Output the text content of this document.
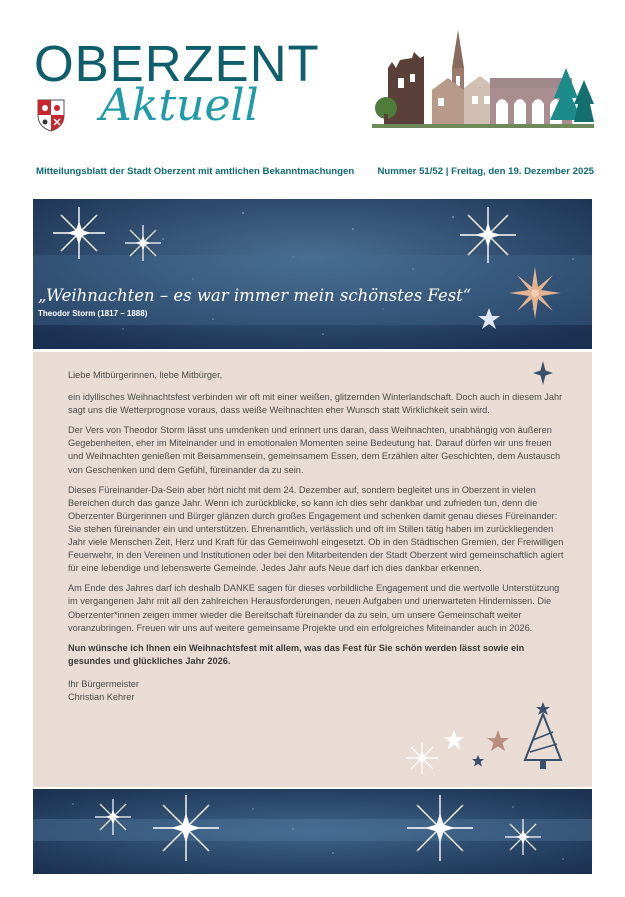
OBERZENT
Aktuell
Mitteilungsblatt der Stadt Oberzent mit amtlichen Bekanntmachungen Nummer 51/52 | Freitag, den 19. Dezember 2025
„Weihnachten – es war immer mein schönstes Fest“
Theodor Storm (1817 – 1888)

Liebe Mitbürgerinnen, liebe Mitbürger,

ein idyllisches Weihnachtsfest verbinden wir oft mit einer weißen, glitzernden Winterlandschaft. Doch auch in diesem Jahr sagt uns die Wetterprognose voraus, dass weiße Weihnachten eher Wunsch statt Wirklichkeit sein wird.

Der Vers von Theodor Storm lässt uns umdenken und erinnert uns daran, dass Weihnachten, unabhängig von äußeren Gegebenheiten, eher im Miteinander und in emotionalen Momenten seine Bedeutung hat. Darauf dürfen wir uns freuen und Weihnachten genießen mit Beisammensein, gemeinsamem Essen, dem Erzählen alter Geschichten, dem Austausch von Geschenken und dem Gefühl, füreinander da zu sein.

Dieses Füreinander-Da-Sein aber hört nicht mit dem 24. Dezember auf, sondern begleitet uns in Oberzent in vielen Bereichen durch das ganze Jahr. Wenn ich zurückblicke, so kann ich dies sehr dankbar und zufrieden tun, denn die Oberzenter Bürgerinnen und Bürger glänzen durch großes Engagement und schenken damit genau dieses Füreinander: Sie stehen füreinander ein und unterstützen. Ehrenamtlich, verlässlich und oft im Stillen tätig haben im zurückliegenden Jahr viele Menschen Zeit, Herz und Kraft für das Gemeinwohl eingesetzt. Ob in den Städtischen Gremien, der Freiwilligen Feuerwehr, in den Vereinen und Institutionen oder bei den Mitarbeitenden der Stadt Oberzent wird gemeinschaftlich agiert für eine lebendige und lebenswerte Gemeinde. Jedes Jahr aufs Neue darf ich dies dankbar erkennen.

Am Ende des Jahres darf ich deshalb DANKE sagen für dieses vorbildliche Engagement und die wertvolle Unterstützung im vergangenen Jahr mit all den zahlreichen Herausforderungen, neuen Aufgaben und unerwarteten Hindernissen. Die Oberzenter*innen zeigen immer wieder die Bereitschaft füreinander da zu sein, um unsere Gemeinschaft weiter voranzubringen. Freuen wir uns auf weitere gemeinsame Projekte und ein erfolgreiches Miteinander auch in 2026.

Nun wünsche ich Ihnen ein Weihnachtsfest mit allem, was das Fest für Sie schön werden lässt sowie ein gesundes und glückliches Jahr 2026.

Ihr Bürgermeister

Christian Kehrer
